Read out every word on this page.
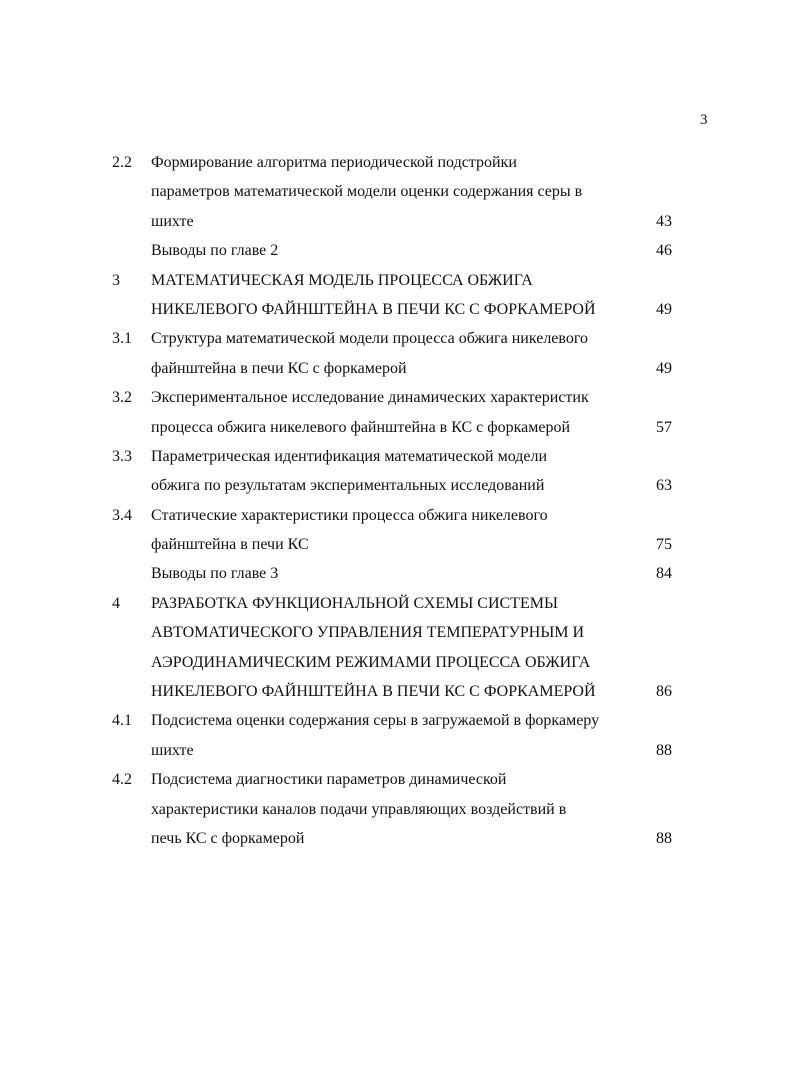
3
2.2 Формирование алгоритма периодической подстройки
параметров математической модели оценки содержания серы в
шихте	43
Выводы по главе 2	46
3 МАТЕМАТИЧЕСКАЯ МОДЕЛЬ ПРОЦЕССА ОБЖИГА
НИКЕЛЕВОГО ФАЙНШТЕЙНА В ПЕЧИ КС С ФОРКАМЕРОЙ	49
3.1 Структура математической модели процесса обжига никелевого
файнштейна в печи КС с форкамерой	49
3.2 Экспериментальное исследование динамических характеристик
процесса обжига никелевого файнштейна в КС с форкамерой	57
3.3 Параметрическая идентификация математической модели
обжига по результатам экспериментальных исследований	63
3.4 Статические характеристики процесса обжига никелевого
файнштейна в печи КС	75
Выводы по главе 3	84
4 РАЗРАБОТКА ФУНКЦИОНАЛЬНОЙ СХЕМЫ СИСТЕМЫ
АВТОМАТИЧЕСКОГО УПРАВЛЕНИЯ ТЕМПЕРАТУРНЫМ И
АЭРОДИНАМИЧЕСКИМ РЕЖИМАМИ ПРОЦЕССА ОБЖИГА
НИКЕЛЕВОГО ФАЙНШТЕЙНА В ПЕЧИ КС С ФОРКАМЕРОЙ	86
4.1 Подсистема оценки содержания серы в загружаемой в форкамеру
шихте	88
4.2 Подсистема диагностики параметров динамической
характеристики каналов подачи управляющих воздействий в
печь КС с форкамерой	88
